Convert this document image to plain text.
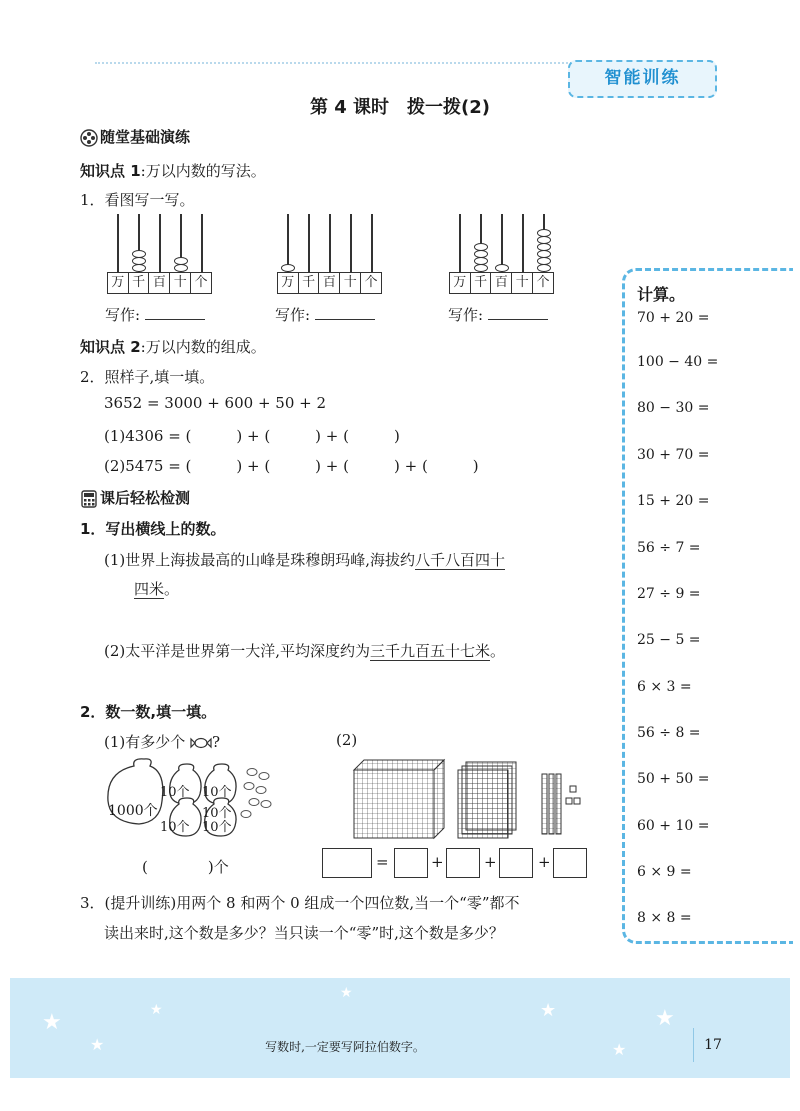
智能训练
第 4 课时　拨一拨(2)
随堂基础演练
知识点 1:万以内数的写法。
1．看图写一写。
万 千 百 十 个
写作:
万 千 百 十 个
写作:
万 千 百 十 个
写作:
知识点 2:万以内数的组成。
2．照样子,填一填。
3652 = 3000 + 600 + 50 + 2
(1)4306 = (　　　) + (　　　) + (　　　)
(2)5475 = (　　　) + (　　　) + (　　　) + (　　　)
课后轻松检测
1．写出横线上的数。
(1)世界上海拔最高的山峰是珠穆朗玛峰,海拔约八千八百四十
四米。
(2)太平洋是世界第一大洋,平均深度约为三千九百五十七米。
2．数一数,填一填。
(1)有多少个 ?	(2)
1000个
10个 10个
10个
10个 10个
(　　　　)个	=	+	+	+
3．(提升训练)用两个 8 和两个 0 组成一个四位数,当一个“零”都不
读出来时,这个数是多少？当只读一个“零”时,这个数是多少？
计算。
70 + 20 =
100 − 40 =
80 − 30 =
30 + 70 =
15 + 20 =
56 ÷ 7 =
27 ÷ 9 =
25 − 5 =
6 × 3 =
56 ÷ 8 =
50 + 50 =
60 + 10 =
6 × 9 =
8 × 8 =
★
★
★
★
★
★
★
写数时,一定要写阿拉伯数字。	17
